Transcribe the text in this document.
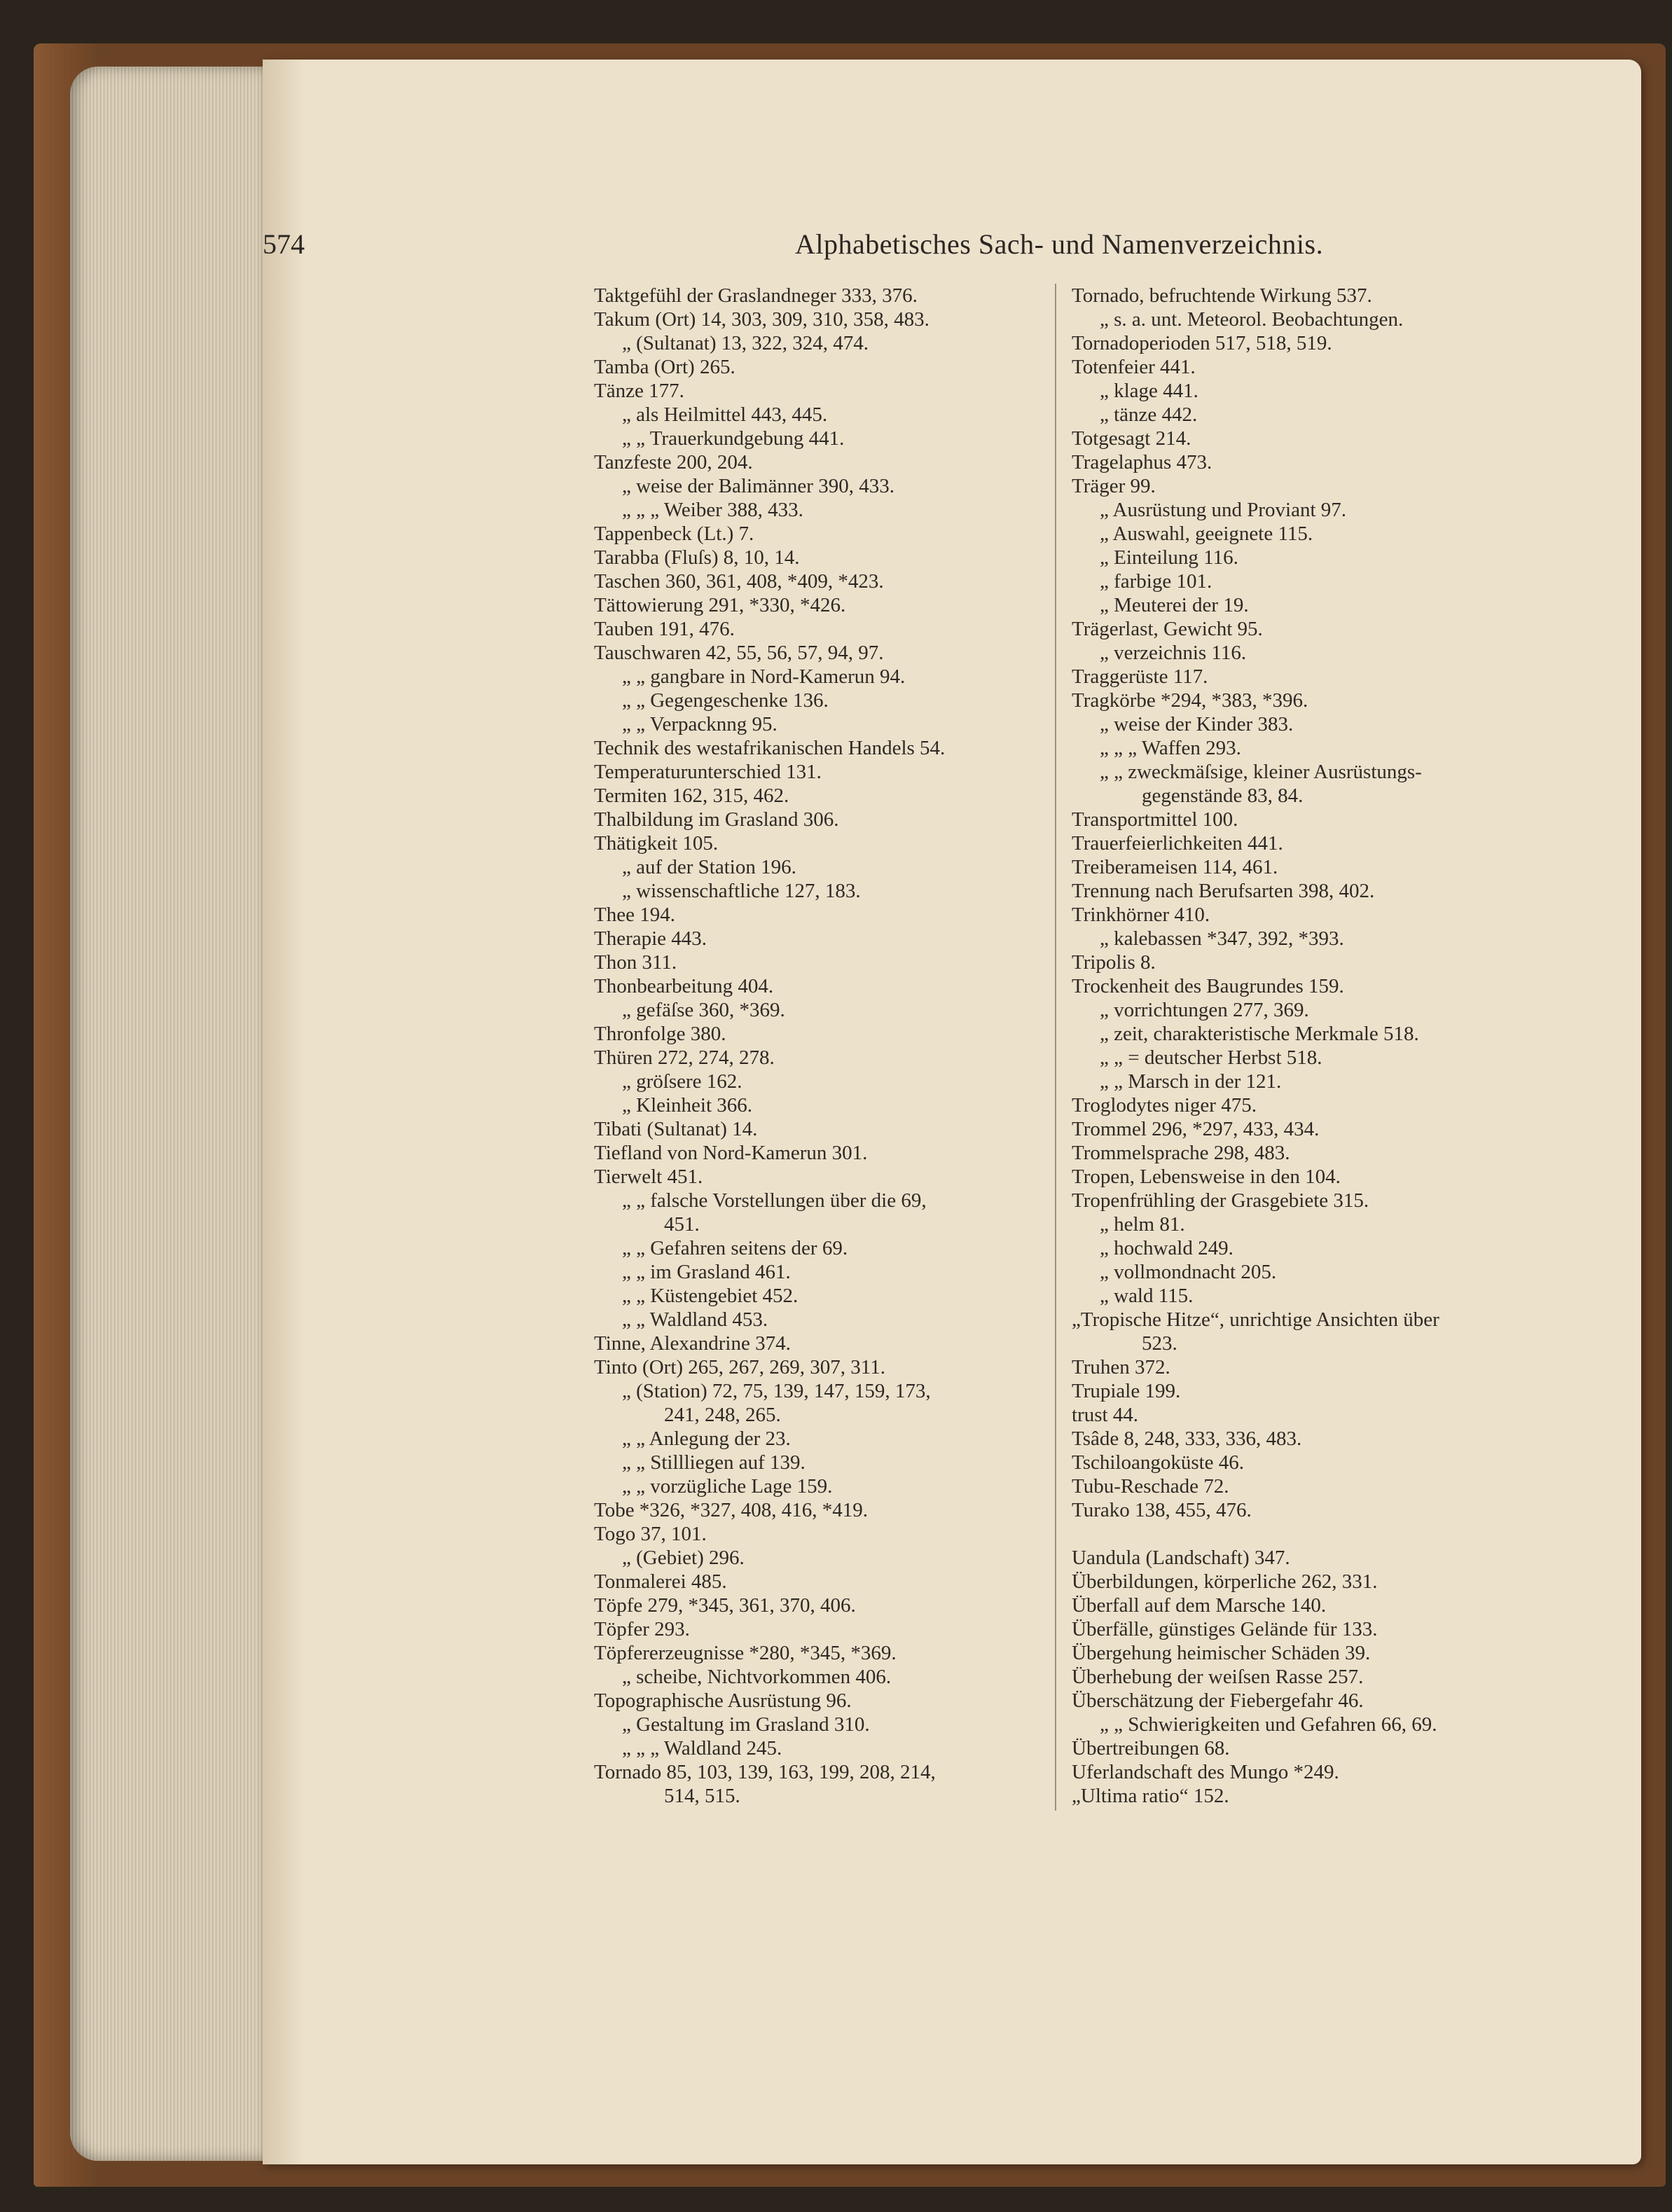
574	Alphabetisches Sach- und Namenverzeichnis.
Taktgefühl der Graslandneger 333, 376.
Takum (Ort) 14, 303, 309, 310, 358, 483.
„ (Sultanat) 13, 322, 324, 474.
Tamba (Ort) 265.
Tänze 177.
„ als Heilmittel 443, 445.
„ „ Trauerkundgebung 441.
Tanzfeste 200, 204.
„ weise der Balimänner 390, 433.
„ „ „ Weiber 388, 433.
Tappenbeck (Lt.) 7.
Tarabba (Fluſs) 8, 10, 14.
Taschen 360, 361, 408, *409, *423.
Tättowierung 291, *330, *426.
Tauben 191, 476.
Tauschwaren 42, 55, 56, 57, 94, 97.
„ „ gangbare in Nord-Kamerun 94.
„ „ Gegengeschenke 136.
„ „ Verpacknng 95.
Technik des westafrikanischen Handels 54.
Temperaturunterschied 131.
Termiten 162, 315, 462.
Thalbildung im Grasland 306.
Thätigkeit 105.
„ auf der Station 196.
„ wissenschaftliche 127, 183.
Thee 194.
Therapie 443.
Thon 311.
Thonbearbeitung 404.
„ gefäſse 360, *369.
Thronfolge 380.
Thüren 272, 274, 278.
„ gröſsere 162.
„ Kleinheit 366.
Tibati (Sultanat) 14.
Tiefland von Nord-Kamerun 301.
Tierwelt 451.
„ „ falsche Vorstellungen über die 69,
451.
„ „ Gefahren seitens der 69.
„ „ im Grasland 461.
„ „ Küstengebiet 452.
„ „ Waldland 453.
Tinne, Alexandrine 374.
Tinto (Ort) 265, 267, 269, 307, 311.
„ (Station) 72, 75, 139, 147, 159, 173,
241, 248, 265.
„ „ Anlegung der 23.
„ „ Stillliegen auf 139.
„ „ vorzügliche Lage 159.
Tobe *326, *327, 408, 416, *419.
Togo 37, 101.
„ (Gebiet) 296.
Tonmalerei 485.
Töpfe 279, *345, 361, 370, 406.
Töpfer 293.
Töpfererzeugnisse *280, *345, *369.
„ scheibe, Nichtvorkommen 406.
Topographische Ausrüstung 96.
„ Gestaltung im Grasland 310.
„ „ „ Waldland 245.
Tornado 85, 103, 139, 163, 199, 208, 214,
514, 515.
Tornado, befruchtende Wirkung 537.
„ s. a. unt. Meteorol. Beobachtungen.
Tornadoperioden 517, 518, 519.
Totenfeier 441.
„ klage 441.
„ tänze 442.
Totgesagt 214.
Tragelaphus 473.
Träger 99.
„ Ausrüstung und Proviant 97.
„ Auswahl, geeignete 115.
„ Einteilung 116.
„ farbige 101.
„ Meuterei der 19.
Trägerlast, Gewicht 95.
„ verzeichnis 116.
Traggerüste 117.
Tragkörbe *294, *383, *396.
„ weise der Kinder 383.
„ „ „ Waffen 293.
„ „ zweckmäſsige, kleiner Ausrüstungs-
gegenstände 83, 84.
Transportmittel 100.
Trauerfeierlichkeiten 441.
Treiberameisen 114, 461.
Trennung nach Berufsarten 398, 402.
Trinkhörner 410.
„ kalebassen *347, 392, *393.
Tripolis 8.
Trockenheit des Baugrundes 159.
„ vorrichtungen 277, 369.
„ zeit, charakteristische Merkmale 518.
„ „ = deutscher Herbst 518.
„ „ Marsch in der 121.
Troglodytes niger 475.
Trommel 296, *297, 433, 434.
Trommelsprache 298, 483.
Tropen, Lebensweise in den 104.
Tropenfrühling der Grasgebiete 315.
„ helm 81.
„ hochwald 249.
„ vollmondnacht 205.
„ wald 115.
„Tropische Hitze“, unrichtige Ansichten über
523.
Truhen 372.
Trupiale 199.
trust 44.
Tsâde 8, 248, 333, 336, 483.
Tschiloangoküste 46.
Tubu-Reschade 72.
Turako 138, 455, 476.
Uandula (Landschaft) 347.
Überbildungen, körperliche 262, 331.
Überfall auf dem Marsche 140.
Überfälle, günstiges Gelände für 133.
Übergehung heimischer Schäden 39.
Überhebung der weiſsen Rasse 257.
Überschätzung der Fiebergefahr 46.
„ „ Schwierigkeiten und Gefahren 66, 69.
Übertreibungen 68.
Uferlandschaft des Mungo *249.
„Ultima ratio“ 152.
